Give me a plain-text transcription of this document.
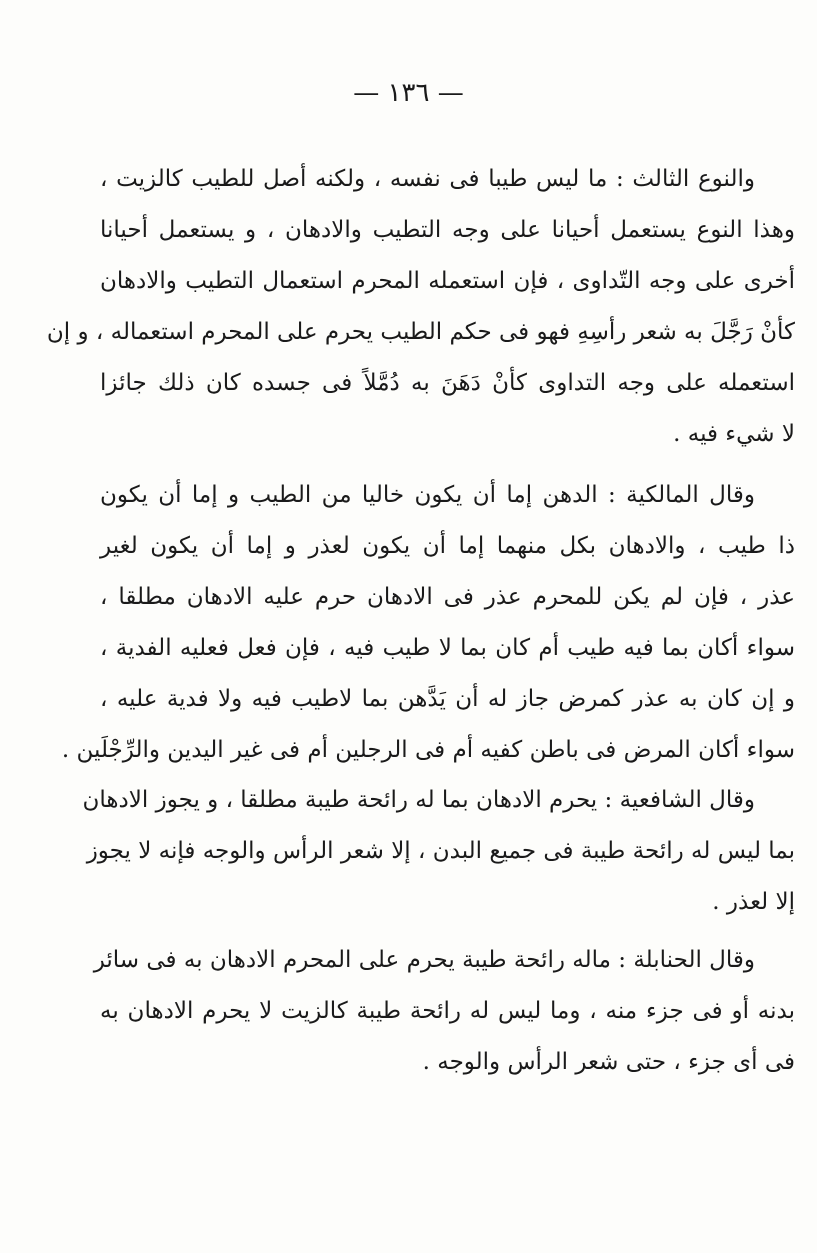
— ١٣٦ —
والنوع الثالث : ما ليس طيبا فى نفسه ، ولكنه أصل للطيب كالزيت ،
وهذا النوع يستعمل أحيانا على وجه التطيب والادهان ، و يستعمل أحيانا
أخرى على وجه التّداوى ، فإن استعمله المحرم استعمال التطيب والادهان
كأنْ رَجَّلَ به شعر رأسِهِ فهو فى حكم الطيب يحرم على المحرم استعماله ، و إن
استعمله على وجه التداوى كأنْ دَهَنَ به دُمَّلاً فى جسده كان ذلك جائزا
لا شيء فيه .
وقال المالكية : الدهن إما أن يكون خاليا من الطيب و إما أن يكون
ذا طيب ، والادهان بكل منهما إما أن يكون لعذر و إما أن يكون لغير
عذر ، فإن لم يكن للمحرم عذر فى الادهان حرم عليه الادهان مطلقا ،
سواء أكان بما فيه طيب أم كان بما لا طيب فيه ، فإن فعل فعليه الفدية ،
و إن كان به عذر كمرض جاز له أن يَدَّهن بما لاطيب فيه ولا فدية عليه ،
سواء أكان المرض فى باطن كفيه أم فى الرجلين أم فى غير اليدين والرِّجْلَين .
وقال الشافعية : يحرم الادهان بما له رائحة طيبة مطلقا ، و يجوز الادهان
بما ليس له رائحة طيبة فى جميع البدن ، إلا شعر الرأس والوجه فإنه لا يجوز
إلا لعذر .
وقال الحنابلة : ماله رائحة طيبة يحرم على المحرم الادهان به فى سائر
بدنه أو فى جزء منه ، وما ليس له رائحة طيبة كالزيت لا يحرم الادهان به
فى أى جزء ، حتى شعر الرأس والوجه .
